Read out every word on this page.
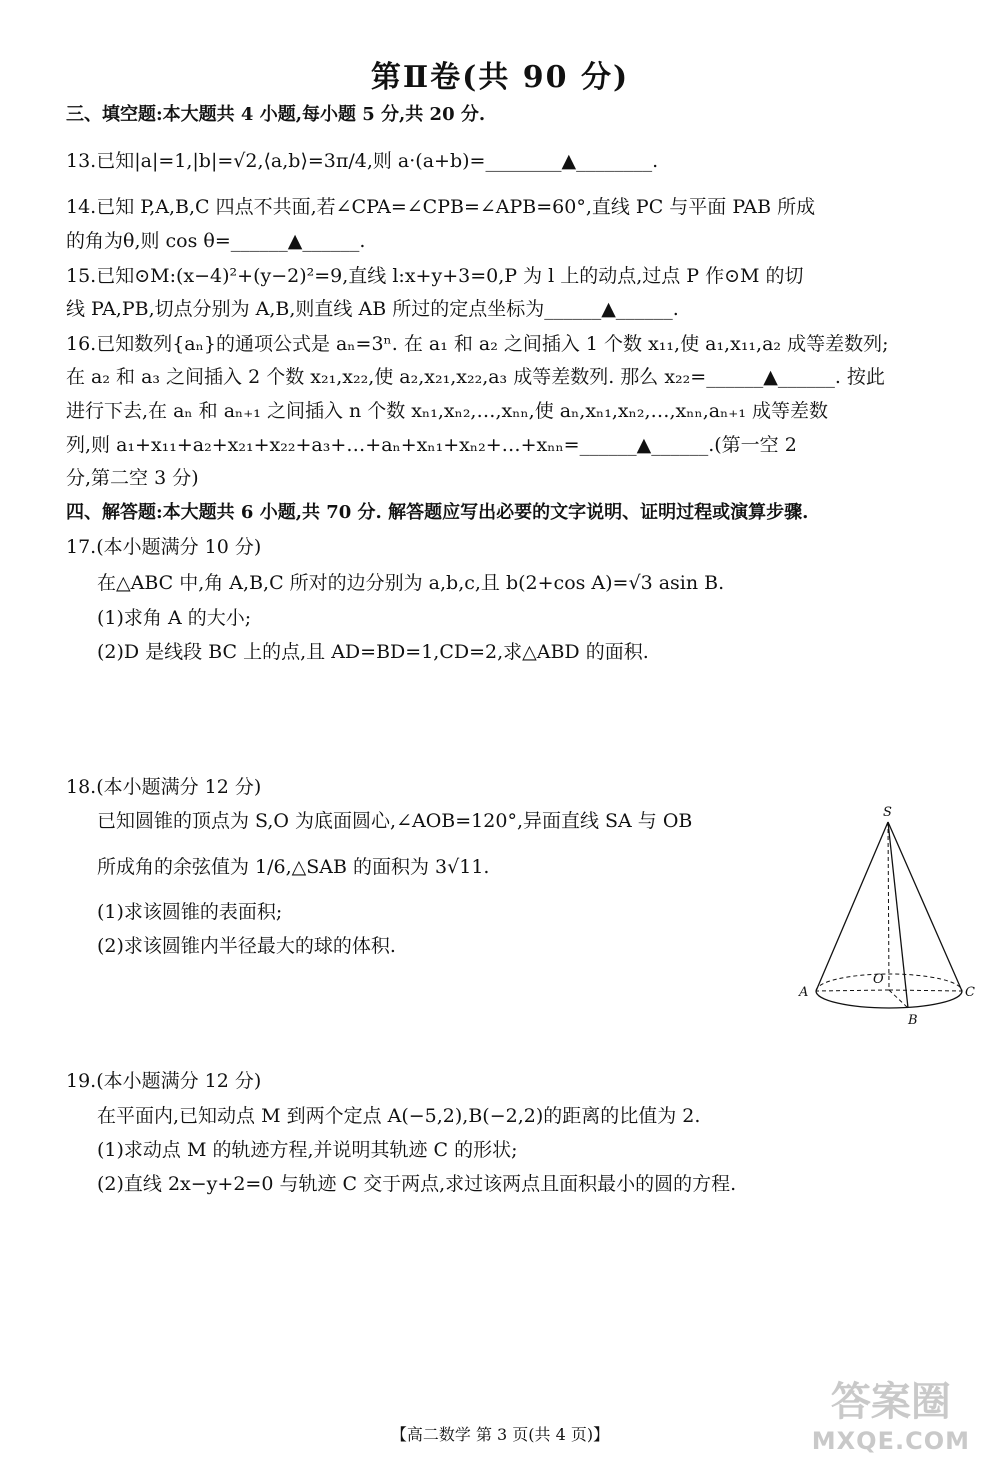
第Ⅱ卷(共 90 分)
三、填空题:本大题共 4 小题,每小题 5 分,共 20 分.
13.已知|a|=1,|b|=√2,⟨a,b⟩=3π/4,则 a·(a+b)=________▲________.
14.已知 P,A,B,C 四点不共面,若∠CPA=∠CPB=∠APB=60°,直线 PC 与平面 PAB 所成
的角为θ,则 cos θ=______▲______.
15.已知⊙M:(x−4)²+(y−2)²=9,直线 l:x+y+3=0,P 为 l 上的动点,过点 P 作⊙M 的切
线 PA,PB,切点分别为 A,B,则直线 AB 所过的定点坐标为______▲______.
16.已知数列{aₙ}的通项公式是 aₙ=3ⁿ. 在 a₁ 和 a₂ 之间插入 1 个数 x₁₁,使 a₁,x₁₁,a₂ 成等差数列;
在 a₂ 和 a₃ 之间插入 2 个数 x₂₁,x₂₂,使 a₂,x₂₁,x₂₂,a₃ 成等差数列. 那么 x₂₂=______▲______. 按此
进行下去,在 aₙ 和 aₙ₊₁ 之间插入 n 个数 xₙ₁,xₙ₂,…,xₙₙ,使 aₙ,xₙ₁,xₙ₂,…,xₙₙ,aₙ₊₁ 成等差数
列,则 a₁+x₁₁+a₂+x₂₁+x₂₂+a₃+…+aₙ+xₙ₁+xₙ₂+…+xₙₙ=______▲______.(第一空 2
分,第二空 3 分)
四、解答题:本大题共 6 小题,共 70 分. 解答题应写出必要的文字说明、证明过程或演算步骤.
17.(本小题满分 10 分)
在△ABC 中,角 A,B,C 所对的边分别为 a,b,c,且 b(2+cos A)=√3 asin B.
(1)求角 A 的大小;
(2)D 是线段 BC 上的点,且 AD=BD=1,CD=2,求△ABD 的面积.
18.(本小题满分 12 分)
已知圆锥的顶点为 S,O 为底面圆心,∠AOB=120°,异面直线 SA 与 OB
所成角的余弦值为 1/6,△SAB 的面积为 3√11.
(1)求该圆锥的表面积;
(2)求该圆锥内半径最大的球的体积.
S
O
A	C
B
19.(本小题满分 12 分)
在平面内,已知动点 M 到两个定点 A(−5,2),B(−2,2)的距离的比值为 2.
(1)求动点 M 的轨迹方程,并说明其轨迹 C 的形状;
(2)直线 2x−y+2=0 与轨迹 C 交于两点,求过该两点且面积最小的圆的方程.
【高二数学 第 3 页(共 4 页)】
答案圈
MXQE.COM
